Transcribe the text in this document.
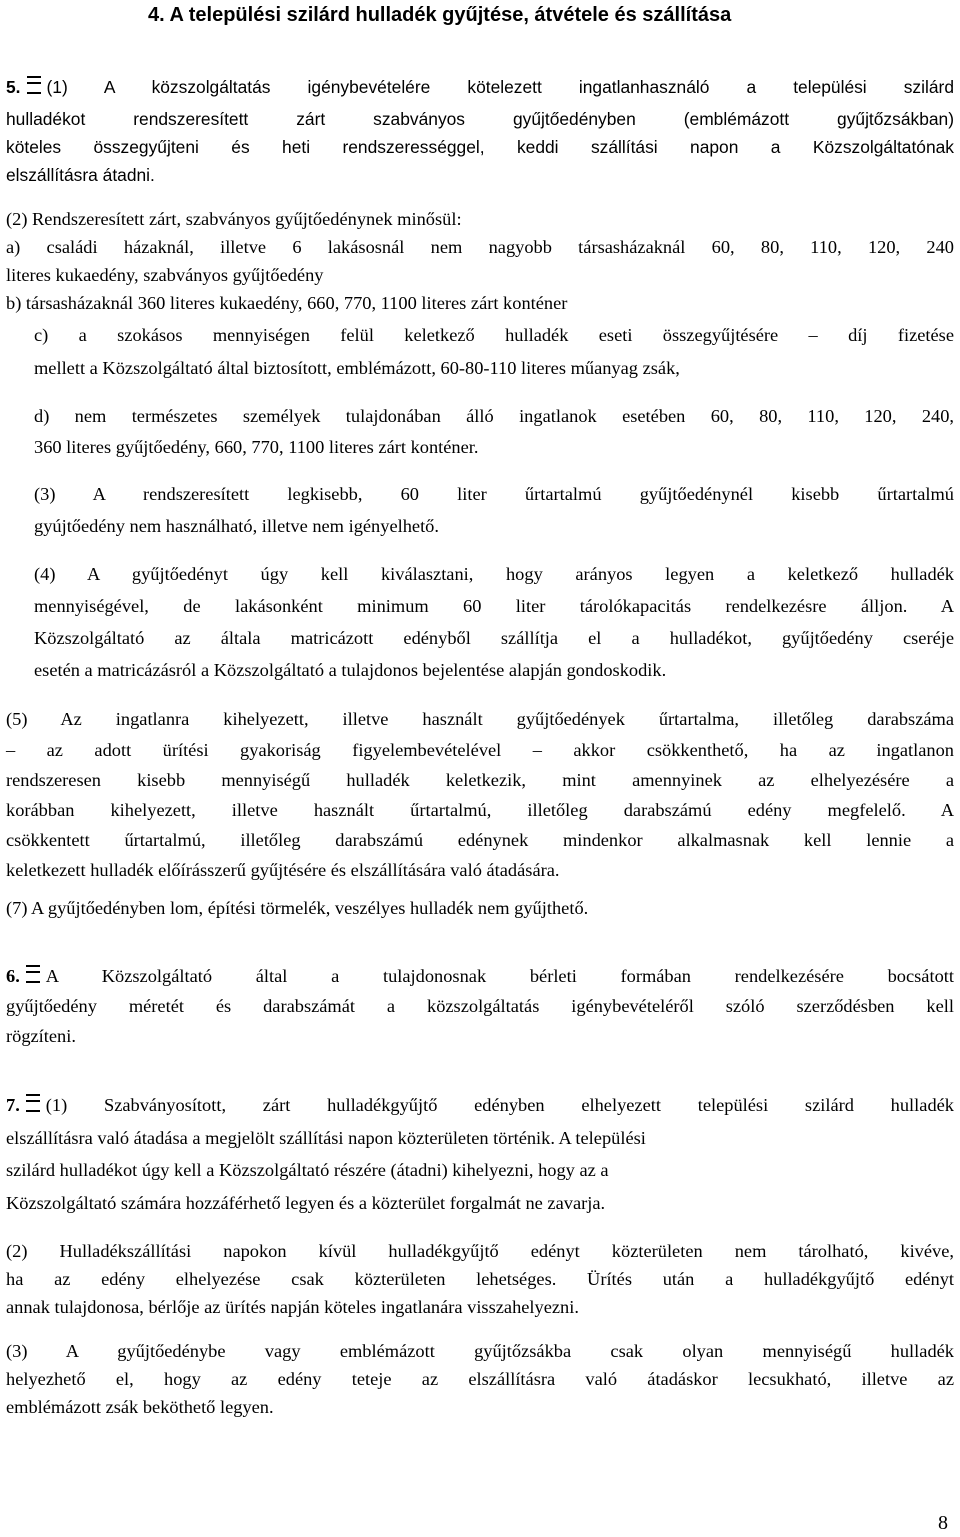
4. A települési szilárd hulladék gyűjtése, átvétele és szállítása
5. (1) A közszolgáltatás igénybevételére kötelezett ingatlanhasználó a települési szilárd
hulladékot rendszeresített zárt szabványos gyűjtőedényben (emblémázott gyűjtőzsákban)
köteles összegyűjteni és heti rendszerességgel, keddi szállítási napon a Közszolgáltatónak
elszállításra átadni.
(2) Rendszeresített zárt, szabványos gyűjtőedénynek minősül:
a) családi házaknál, illetve 6 lakásosnál nem nagyobb társasházaknál 60, 80, 110, 120, 240
literes kukaedény, szabványos gyűjtőedény
b) társasházaknál 360 literes kukaedény, 660, 770, 1100 literes zárt konténer
c) a szokásos mennyiségen felül keletkező hulladék eseti összegyűjtésére – díj fizetése
mellett a Közszolgáltató által biztosított, emblémázott, 60-80-110 literes műanyag zsák,
d) nem természetes személyek tulajdonában álló ingatlanok esetében 60, 80, 110, 120, 240,
360 literes gyűjtőedény, 660, 770, 1100 literes zárt konténer.
(3) A rendszeresített legkisebb, 60 liter űrtartalmú gyűjtőedénynél kisebb űrtartalmú
gyújtőedény nem használható, illetve nem igényelhető.
(4) A gyűjtőedényt úgy kell kiválasztani, hogy arányos legyen a keletkező hulladék
mennyiségével, de lakásonként minimum 60 liter tárolókapacitás rendelkezésre álljon. A
Közszolgáltató az általa matricázott edényből szállítja el a hulladékot, gyűjtőedény cseréje
esetén a matricázásról a Közszolgáltató a tulajdonos bejelentése alapján gondoskodik.
(5) Az ingatlanra kihelyezett, illetve használt gyűjtőedények űrtartalma, illetőleg darabszáma
– az adott ürítési gyakoriság figyelembevételével – akkor csökkenthető, ha az ingatlanon
rendszeresen kisebb mennyiségű hulladék keletkezik, mint amennyinek az elhelyezésére a
korábban kihelyezett, illetve használt űrtartalmú, illetőleg darabszámú edény megfelelő. A
csökkentett űrtartalmú, illetőleg darabszámú edénynek mindenkor alkalmasnak kell lennie a
keletkezett hulladék előírásszerű gyűjtésére és elszállítására való átadására.
(7) A gyűjtőedényben lom, építési törmelék, veszélyes hulladék nem gyűjthető.
6. A Közszolgáltató által a tulajdonosnak bérleti formában rendelkezésére bocsátott
gyűjtőedény méretét és darabszámát a közszolgáltatás igénybevételéről szóló szerződésben kell
rögzíteni.
7. (1) Szabványosított, zárt hulladékgyűjtő edényben elhelyezett települési szilárd hulladék
elszállításra való átadása a megjelölt szállítási napon közterületen történik. A települési
szilárd hulladékot úgy kell a Közszolgáltató részére (átadni) kihelyezni, hogy az a
Közszolgáltató számára hozzáférhető legyen és a közterület forgalmát ne zavarja.
(2) Hulladékszállítási napokon kívül hulladékgyűjtő edényt közterületen nem tárolható, kivéve,
ha az edény elhelyezése csak közterületen lehetséges. Ürítés után a hulladékgyűjtő edényt
annak tulajdonosa, bérlője az ürítés napján köteles ingatlanára visszahelyezni.
(3) A gyűjtőedénybe vagy emblémázott gyűjtőzsákba csak olyan mennyiségű hulladék
helyezhető el, hogy az edény teteje az elszállításra való átadáskor lecsukható, illetve az
emblémázott zsák beköthető legyen.
8
